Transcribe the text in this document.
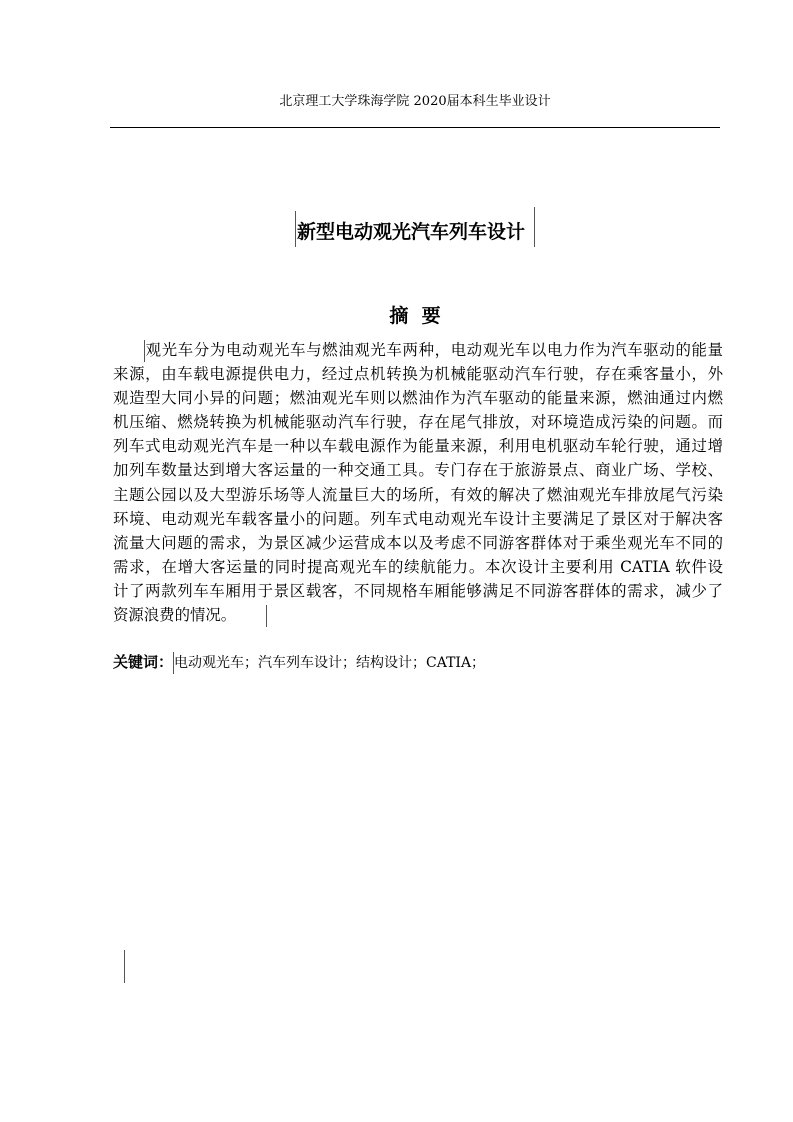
北京理工大学珠海学院 2020届本科生毕业设计
新型电动观光汽车列车设计
摘  要
观光车分为电动观光车与燃油观光车两种，电动观光车以电力作为汽车驱动的能量
来源，由车载电源提供电力，经过点机转换为机械能驱动汽车行驶，存在乘客量小，外
观造型大同小异的问题；燃油观光车则以燃油作为汽车驱动的能量来源，燃油通过内燃
机压缩、燃烧转换为机械能驱动汽车行驶，存在尾气排放，对环境造成污染的问题。而
列车式电动观光汽车是一种以车载电源作为能量来源，利用电机驱动车轮行驶，通过增
加列车数量达到增大客运量的一种交通工具。专门存在于旅游景点、商业广场、学校、
主题公园以及大型游乐场等人流量巨大的场所，有效的解决了燃油观光车排放尾气污染
环境、电动观光车载客量小的问题。列车式电动观光车设计主要满足了景区对于解决客
流量大问题的需求，为景区减少运营成本以及考虑不同游客群体对于乘坐观光车不同的
需求，在增大客运量的同时提高观光车的续航能力。本次设计主要利用 CATIA 软件设
计了两款列车车厢用于景区载客，不同规格车厢能够满足不同游客群体的需求，减少了
资源浪费的情况。
关键词：电动观光车；汽车列车设计；结构设计；CATIA；
